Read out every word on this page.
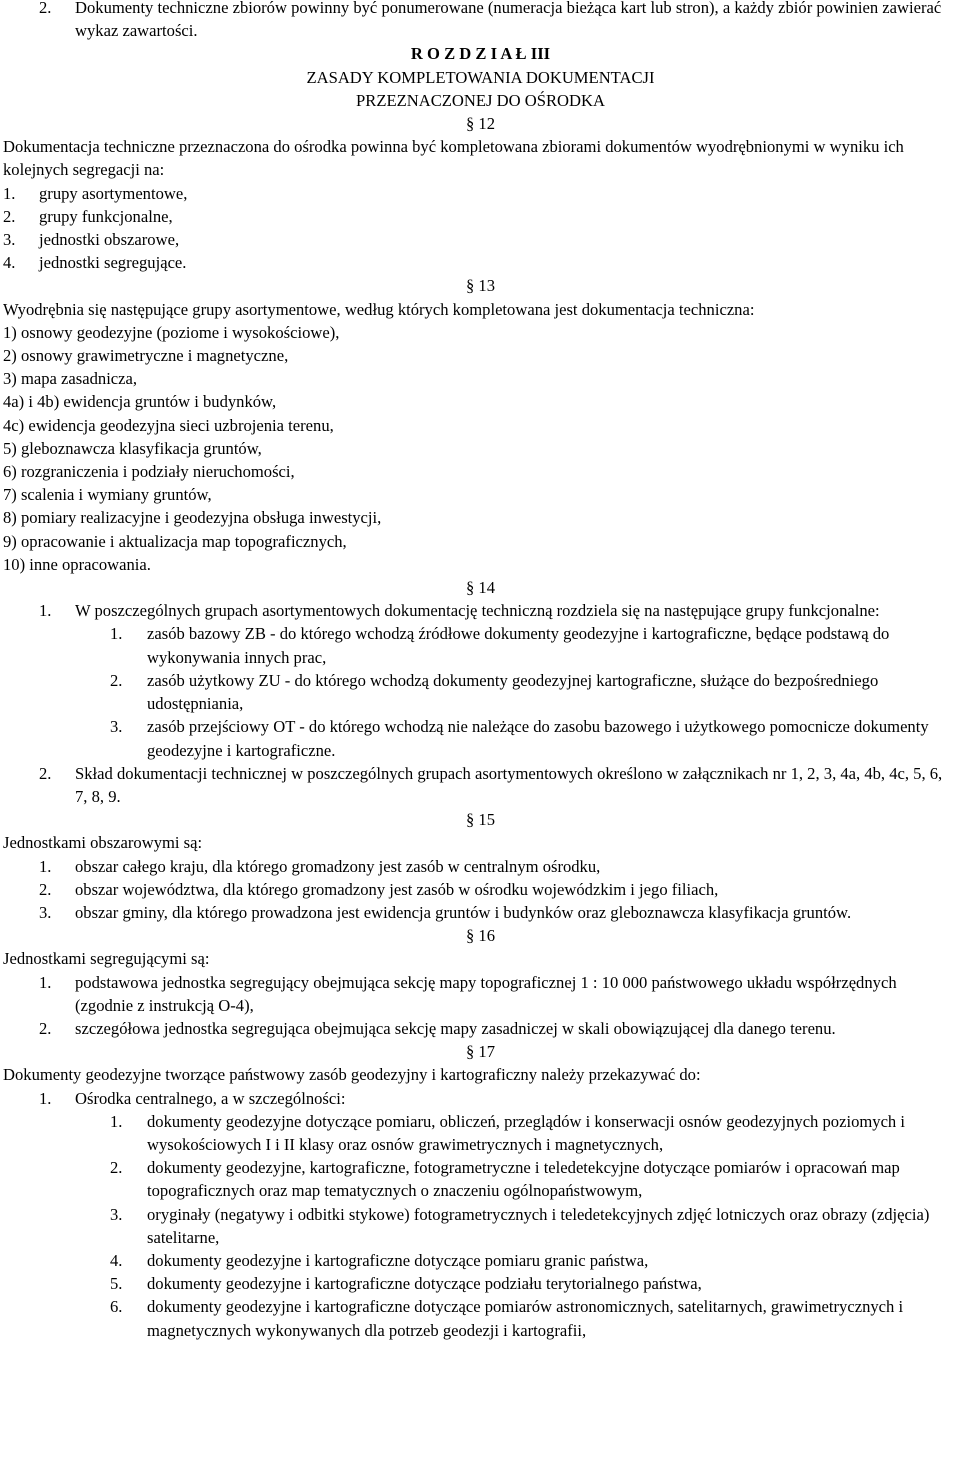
2. Dokumenty techniczne zbiorów powinny być ponumerowane (numeracja bieżąca kart lub stron), a każdy zbiór powinien zawierać wykaz zawartości.

R O Z D Z I A Ł III

ZASADY KOMPLETOWANIA DOKUMENTACJI

PRZEZNACZONEJ DO OŚRODKA

§ 12

Dokumentacja techniczne przeznaczona do ośrodka powinna być kompletowana zbiorami dokumentów wyodrębnionymi w wyniku ich kolejnych segregacji na:

1. grupy asortymentowe,
2. grupy funkcjonalne,
3. jednostki obszarowe,
4. jednostki segregujące.

§ 13

Wyodrębnia się następujące grupy asortymentowe, według których kompletowana jest dokumentacja techniczna:

1) osnowy geodezyjne (poziome i wysokościowe),

2) osnowy grawimetryczne i magnetyczne,

3) mapa zasadnicza,

4a) i 4b) ewidencja gruntów i budynków,

4c) ewidencja geodezyjna sieci uzbrojenia terenu,

5) gleboznawcza klasyfikacja gruntów,

6) rozgraniczenia i podziały nieruchomości,

7) scalenia i wymiany gruntów,

8) pomiary realizacyjne i geodezyjna obsługa inwestycji,

9) opracowanie i aktualizacja map topograficznych,

10) inne opracowania.

§ 14

1. W poszczególnych grupach asortymentowych dokumentację techniczną rozdziela się na następujące grupy funkcjonalne:
1. zasób bazowy ZB - do którego wchodzą źródłowe dokumenty geodezyjne i kartograficzne, będące podstawą do wykonywania innych prac,
2. zasób użytkowy ZU - do którego wchodzą dokumenty geodezyjnej kartograficzne, służące do bezpośredniego udostępniania,
3. zasób przejściowy OT - do którego wchodzą nie należące do zasobu bazowego i użytkowego pomocnicze dokumenty geodezyjne i kartograficzne.
2. Skład dokumentacji technicznej w poszczególnych grupach asortymentowych określono w załącznikach nr 1, 2, 3, 4a, 4b, 4c, 5, 6, 7, 8, 9.

§ 15

Jednostkami obszarowymi są:

1. obszar całego kraju, dla którego gromadzony jest zasób w centralnym ośrodku,
2. obszar województwa, dla którego gromadzony jest zasób w ośrodku wojewódzkim i jego filiach,
3. obszar gminy, dla którego prowadzona jest ewidencja gruntów i budynków oraz gleboznawcza klasyfikacja gruntów.

§ 16

Jednostkami segregującymi są:

1. podstawowa jednostka segregujący obejmująca sekcję mapy topograficznej 1 : 10 000 państwowego układu współrzędnych (zgodnie z instrukcją O-4),
2. szczegółowa jednostka segregująca obejmująca sekcję mapy zasadniczej w skali obowiązującej dla danego terenu.

§ 17

Dokumenty geodezyjne tworzące państwowy zasób geodezyjny i kartograficzny należy przekazywać do:

1. Ośrodka centralnego, a w szczególności:
1. dokumenty geodezyjne dotyczące pomiaru, obliczeń, przeglądów i konserwacji osnów geodezyjnych poziomych i wysokościowych I i II klasy oraz osnów grawimetrycznych i magnetycznych,
2. dokumenty geodezyjne, kartograficzne, fotogrametryczne i teledetekcyjne dotyczące pomiarów i opracowań map topograficznych oraz map tematycznych o znaczeniu ogólnopaństwowym,
3. oryginały (negatywy i odbitki stykowe) fotogrametrycznych i teledetekcyjnych zdjęć lotniczych oraz obrazy (zdjęcia) satelitarne,
4. dokumenty geodezyjne i kartograficzne dotyczące pomiaru granic państwa,
5. dokumenty geodezyjne i kartograficzne dotyczące podziału terytorialnego państwa,
6. dokumenty geodezyjne i kartograficzne dotyczące pomiarów astronomicznych, satelitarnych, grawimetrycznych i magnetycznych wykonywanych dla potrzeb geodezji i kartografii,
